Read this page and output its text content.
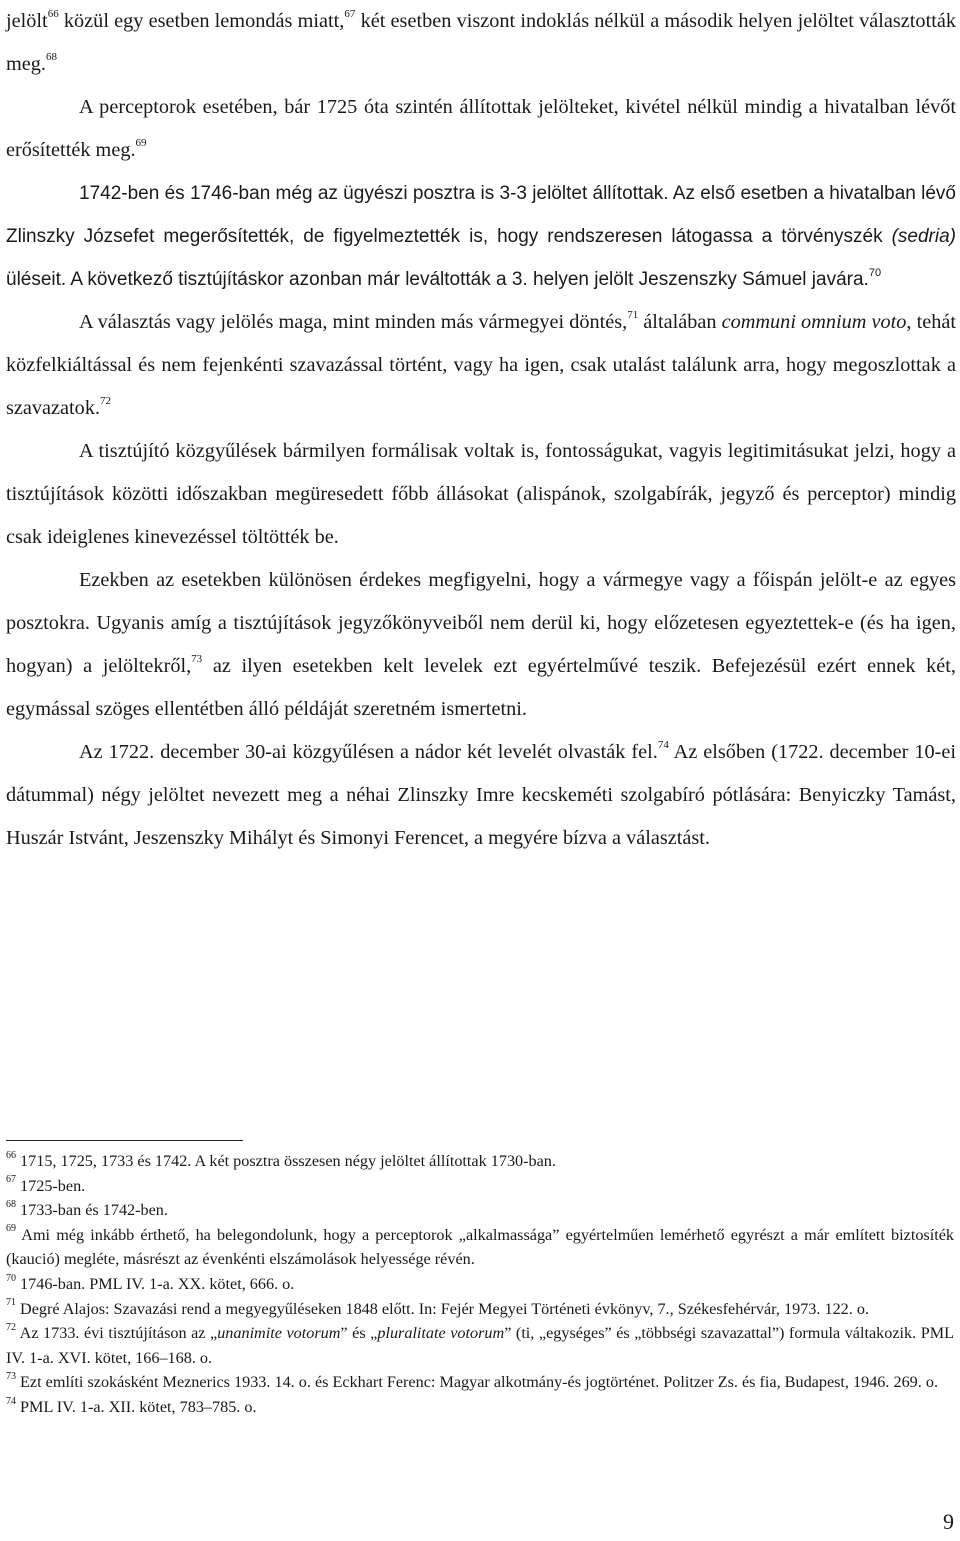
jelölt$^{66}$ közül egy esetben lemondás miatt,$^{67}$ két esetben viszont indoklás nélkül a második helyen jelöltet választották meg.$^{68}$

A perceptorok esetében, bár 1725 óta szintén állítottak jelölteket, kivétel nélkül mindig a hivatalban lévőt erősítették meg.$^{69}$

1742-ben és 1746-ban még az ügyészi posztra is 3-3 jelöltet állítottak. Az első esetben a hivatalban lévő Zlinszky Józsefet megerősítették, de figyelmeztették is, hogy rendszeresen látogassa a törvényszék (sedria) üléseit. A következő tisztújításkor azonban már leváltották a 3. helyen jelölt Jeszenszky Sámuel javára.$^{70}$

A választás vagy jelölés maga, mint minden más vármegyei döntés,$^{71}$ általában communi omnium voto, tehát közfelkiáltással és nem fejenkénti szavazással történt, vagy ha igen, csak utalást találunk arra, hogy megoszlottak a szavazatok.$^{72}$

A tisztújító közgyűlések bármilyen formálisak voltak is, fontosságukat, vagyis legitimitásukat jelzi, hogy a tisztújítások közötti időszakban megüresedett főbb állásokat (alispánok, szolgabírák, jegyző és perceptor) mindig csak ideiglenes kinevezéssel töltötték be.

Ezekben az esetekben különösen érdekes megfigyelni, hogy a vármegye vagy a főispán jelölt-e az egyes posztokra. Ugyanis amíg a tisztújítások jegyzőkönyveiből nem derül ki, hogy előzetesen egyeztettek-e (és ha igen, hogyan) a jelöltekről,$^{73}$ az ilyen esetekben kelt levelek ezt egyértelművé teszik. Befejezésül ezért ennek két, egymással szöges ellentétben álló példáját szeretném ismertetni.

Az 1722. december 30-ai közgyűlésen a nádor két levelét olvasták fel.$^{74}$ Az elsőben (1722. december 10-ei dátummal) négy jelöltet nevezett meg a néhai Zlinszky Imre kecskeméti szolgabíró pótlására: Benyiczky Tamást, Huszár Istvánt, Jeszenszky Mihályt és Simonyi Ferencet, a megyére bízva a választást.

$^{66}$ 1715, 1725, 1733 és 1742. A két posztra összesen négy jelöltet állítottak 1730-ban.

$^{67}$ 1725-ben.

$^{68}$ 1733-ban és 1742-ben.

$^{69}$ Ami még inkább érthető, ha belegondolunk, hogy a perceptorok „alkalmassága” egyértelműen lemérhető egyrészt a már említett biztosíték (kaució) megléte, másrészt az évenkénti elszámolások helyessége révén.

$^{70}$ 1746-ban. PML IV. 1-a. XX. kötet, 666. o.

$^{71}$ Degré Alajos: Szavazási rend a megyegyűléseken 1848 előtt. In: Fejér Megyei Történeti évkönyv, 7., Székesfehérvár, 1973. 122. o.

$^{72}$ Az 1733. évi tisztújításon az „unanimite votorum” és „pluralitate votorum” (ti, „egységes” és „többségi szavazattal”) formula váltakozik. PML IV. 1-a. XVI. kötet, 166–168. o.

$^{73}$ Ezt említi szokásként Meznerics 1933. 14. o. és Eckhart Ferenc: Magyar alkotmány-és jogtörténet. Politzer Zs. és fia, Budapest, 1946. 269. o.

$^{74}$ PML IV. 1-a. XII. kötet, 783–785. o.

9
